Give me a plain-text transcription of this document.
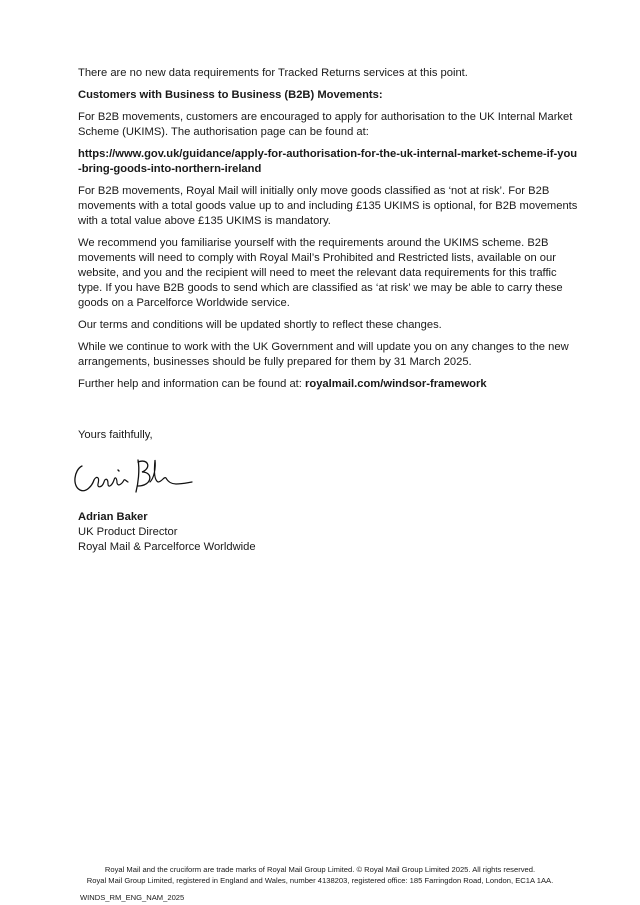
There are no new data requirements for Tracked Returns services at this point.

Customers with Business to Business (B2B) Movements:

For B2B movements, customers are encouraged to apply for authorisation to the UK Internal Market Scheme (UKIMS). The authorisation page can be found at:

https://www.gov.uk/guidance/apply-for-authorisation-for-the-uk-internal-market-scheme-if-you-bring-goods-into-northern-ireland

For B2B movements, Royal Mail will initially only move goods classified as ‘not at risk’. For B2B movements with a total goods value up to and including £135 UKIMS is optional, for B2B movements with a total value above £135 UKIMS is mandatory.

We recommend you familiarise yourself with the requirements around the UKIMS scheme. B2B movements will need to comply with Royal Mail’s Prohibited and Restricted lists, available on our website, and you and the recipient will need to meet the relevant data requirements for this traffic type. If you have B2B goods to send which are classified as ‘at risk’ we may be able to carry these goods on a Parcelforce Worldwide service.

Our terms and conditions will be updated shortly to reflect these changes.

While we continue to work with the UK Government and will update you on any changes to the new arrangements, businesses should be fully prepared for them by 31 March 2025.

Further help and information can be found at: royalmail.com/windsor-framework

Yours faithfully,
Adrian Baker
UK Product Director
Royal Mail & Parcelforce Worldwide
Royal Mail and the cruciform are trade marks of Royal Mail Group Limited. © Royal Mail Group Limited 2025. All rights reserved.
Royal Mail Group Limited, registered in England and Wales, number 4138203, registered office: 185 Farringdon Road, London, EC1A 1AA.
WINDS_RM_ENG_NAM_2025
